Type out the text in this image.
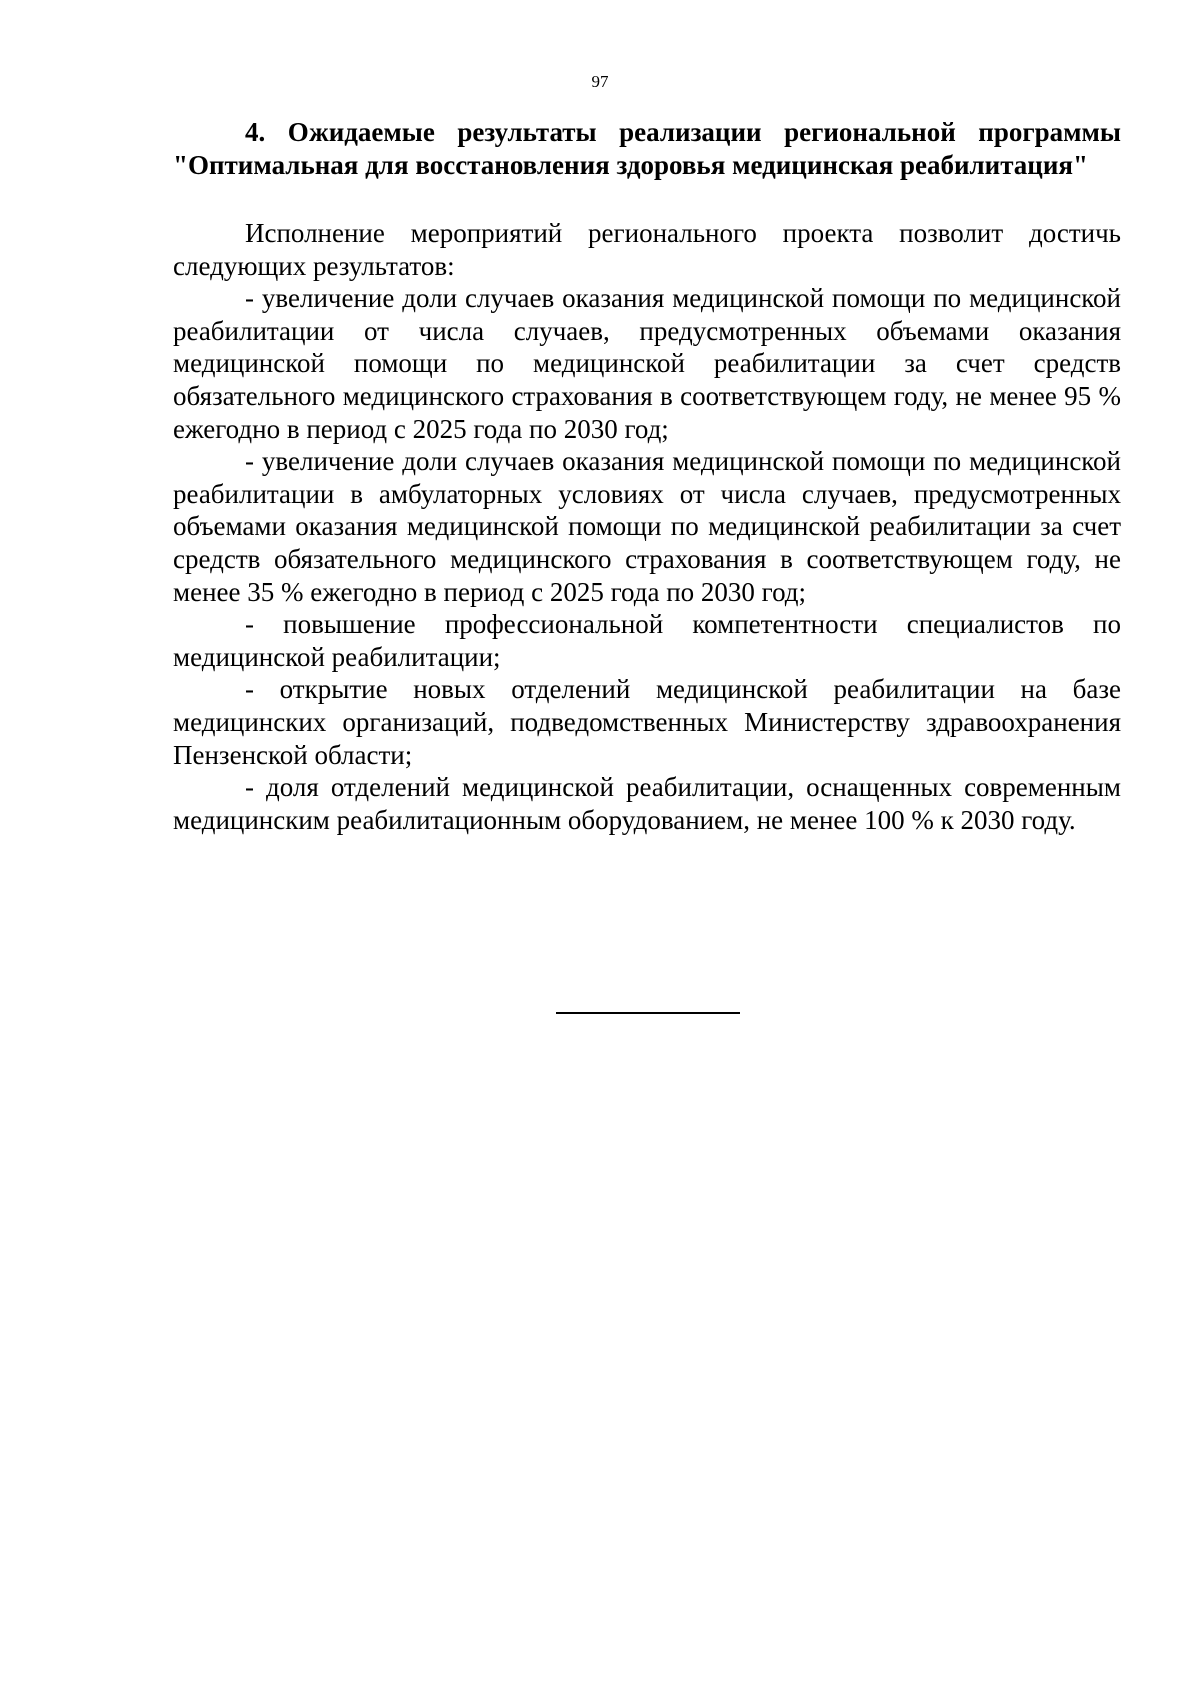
97

4. Ожидаемые результаты реализации региональной программы "Оптимальная для восстановления здоровья медицинская реабилитация"

Исполнение мероприятий регионального проекта позволит достичь следующих результатов:

- увеличение доли случаев оказания медицинской помощи по медицинской реабилитации от числа случаев, предусмотренных объемами оказания медицинской помощи по медицинской реабилитации за счет средств обязательного медицинского страхования в соответствующем году, не менее 95 % ежегодно в период с 2025 года по 2030 год;
- увеличение доли случаев оказания медицинской помощи по медицинской реабилитации в амбулаторных условиях от числа случаев, предусмотренных объемами оказания медицинской помощи по медицинской реабилитации за счет средств обязательного медицинского страхования в соответствующем году, не менее 35 % ежегодно в период с 2025 года по 2030 год;
- повышение профессиональной компетентности специалистов по медицинской реабилитации;
- открытие новых отделений медицинской реабилитации на базе медицинских организаций, подведомственных Министерству здравоохранения Пензенской области;
- доля отделений медицинской реабилитации, оснащенных современным медицинским реабилитационным оборудованием, не менее 100 % к 2030 году.
